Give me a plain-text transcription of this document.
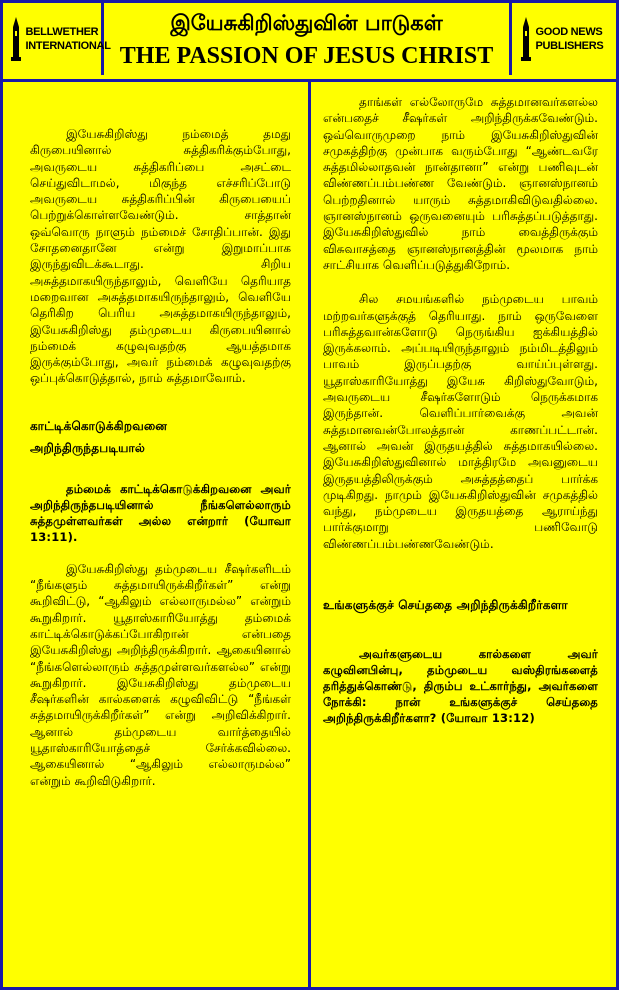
BELLWETHER INTERNATIONAL
இயேசுகிறிஸ்துவின் பாடுகள்
THE PASSION OF JESUS CHRIST
GOOD NEWS PUBLISHERS

இயேசுகிறிஸ்து நம்மைத் தமது கிருபையினால் சுத்திகரிக்கும்போது, அவருடைய சுத்திகரிப்பை அசட்டை செய்துவிடாமல், மிகுந்த எச்சரிப்போடு அவருடைய சுத்திகரிப்பின் கிருபையைப் பெற்றுக்கொள்ளவேண்டும். சாத்தான் ஒவ்வொரு நாளும் நம்மைச் சோதிப்பான். இது சோதனைதானே என்று இறுமாப்பாக இருந்துவிடக்கூடாது. சிறிய அசுத்தமாகயிருந்தாலும், வெளியே தெரியாத மறைவான அசுத்தமாகயிருந்தாலும், வெளியே தெரிகிற பெரிய அசுத்தமாகயிருந்தாலும், இயேசுகிறிஸ்து தம்முடைய கிருபையினால் நம்மைக் கழுவுவதற்கு ஆயத்தமாக இருக்கும்போது, அவர் நம்மைக் கழுவுவதற்கு ஒப்புக்கொடுத்தால், நாம் சுத்தமாவோம்.

காட்டிக்கொடுக்கிறவனை அறிந்திருந்தபடியால்

தம்மைக் காட்டிக்கொடுக்கிறவனை அவர் அறிந்திருந்தபடியினால் நீங்களெல்லாரும் சுத்தமுள்ளவர்கள் அல்ல என்றார் (யோவா 13:11).

இயேசுகிறிஸ்து தம்முடைய சீஷர்களிடம் “நீங்களும் சுத்தமாயிருக்கிறீர்கள்” என்று கூறிவிட்டு, “ஆகிலும் எல்லாருமல்ல” என்றும் கூறுகிறார். யூதாஸ்காரியோத்து தம்மைக் காட்டிக்கொடுக்கப்போகிறான் என்பதை இயேசுகிறிஸ்து அறிந்திருக்கிறார். ஆகையினால் “நீங்களெல்லாரும் சுத்தமுள்ளவர்களல்ல” என்று கூறுகிறார். இயேசுகிறிஸ்து தம்முடைய சீஷர்களின் கால்களைக் கழுவிவிட்டு “நீங்கள் சுத்தமாயிருக்கிறீர்கள்” என்று அறிவிக்கிறார். ஆனால் தம்முடைய வார்த்தையில் யூதாஸ்காரியோத்தைச் சேர்க்கவில்லை. ஆகையினால் “ஆகிலும் எல்லாருமல்ல” என்றும் கூறிவிடுகிறார்.

தாங்கள் எல்லோருமே சுத்தமானவர்களல்ல என்பதைச் சீஷர்கள் அறிந்திருக்கவேண்டும். ஒவ்வொருமுறை நாம் இயேசுகிறிஸ்துவின் சமுகத்திற்கு முன்பாக வரும்போது “ஆண்டவரே சுத்தமில்லாதவன் நான்தானா” என்று பணிவுடன் விண்ணப்பம்பண்ண வேண்டும். ஞானஸ்நானம் பெற்றதினால் யாரும் சுத்தமாகிவிடுவதில்லை. ஞானஸ்நானம் ஒருவனையும் பரிசுத்தப்படுத்தாது. இயேசுகிறிஸ்துவில் நாம் வைத்திருக்கும் விசுவாசத்தை ஞானஸ்நானத்தின் மூலமாக நாம் சாட்சியாக வெளிப்படுத்துகிறோம்.

சில சமயங்களில் நம்முடைய பாவம் மற்றவர்களுக்குத் தெரியாது. நாம் ஒருவேளை பரிசுத்தவான்களோடு நெருங்கிய ஐக்கியத்தில் இருக்கலாம். அப்படியிருந்தாலும் நம்மிடத்திலும் பாவம் இருப்பதற்கு வாய்ப்புள்ளது. யூதாஸ்காரியோத்து இயேசு கிறிஸ்துவோடும், அவருடைய சீஷர்களோடும் நெருக்கமாக இருந்தான். வெளிப்பார்வைக்கு அவன் சுத்தமானவன்போலத்தான் காணப்பட்டான். ஆனால் அவன் இருதயத்தில் சுத்தமாகயில்லை. இயேசுகிறிஸ்துவினால் மாத்திரமே அவனுடைய இருதயத்திலிருக்கும் அசுத்தத்தைப் பார்க்க முடிகிறது. நாமும் இயேசுகிறிஸ்துவின் சமுகத்தில் வந்து, நம்முடைய இருதயத்தை ஆராய்ந்து பார்க்குமாறு பணிவோடு விண்ணப்பம்பண்ணவேண்டும்.

உங்களுக்குச் செய்ததை அறிந்திருக்கிறீர்களா

அவர்களுடைய கால்களை அவர் கழுவினபின்பு, தம்முடைய வஸ்திரங்களைத் தரித்துக்கொண்டு, திரும்ப உட்கார்ந்து, அவர்களை நோக்கி: நான் உங்களுக்குச் செய்ததை அறிந்திருக்கிறீர்களா? (யோவா 13:12)
